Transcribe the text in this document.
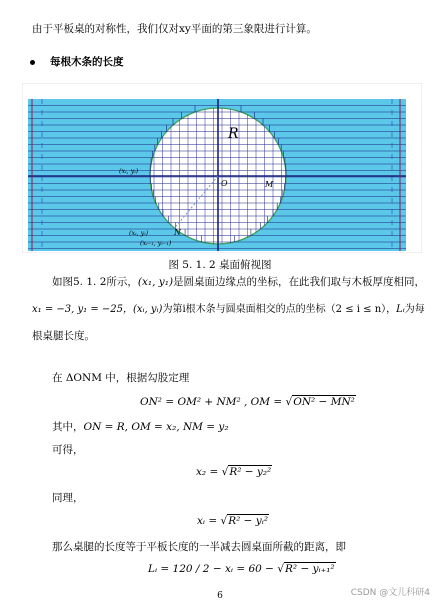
由于平板桌的对称性，我们仅对xy平面的第三象限进行计算。
每根木条的长度
R
O	M
N
(xᵢ, yᵢ)
(xᵢ, yᵢ)
(xᵢ₋₁, yᵢ₋₁)
图 5. 1. 2 桌面俯视图
如图5. 1. 2所示，(x₁, y₁)是圆桌面边缘点的坐标，在此我们取与木板厚度相同，
x₁ = −3, y₁ = −25，(xᵢ, yᵢ)为第i根木条与圆桌面相交的点的坐标（2 ≤ i ≤ n），Lᵢ为每
根桌腿长度。
在 ΔONM 中，根据勾股定理
ON² = OM² + NM² , OM = √ON² − MN²
其中，ON = R, OM = x₂, NM = y₂
可得，
x₂ = √R² − y₂²
同理，
xᵢ = √R² − yᵢ²
那么桌腿的长度等于平板长度的一半减去圆桌面所截的距离，即
Lᵢ = 120 / 2 − xᵢ = 60 − √R² − yᵢ₊₁²
6	CSDN @文儿科研4
